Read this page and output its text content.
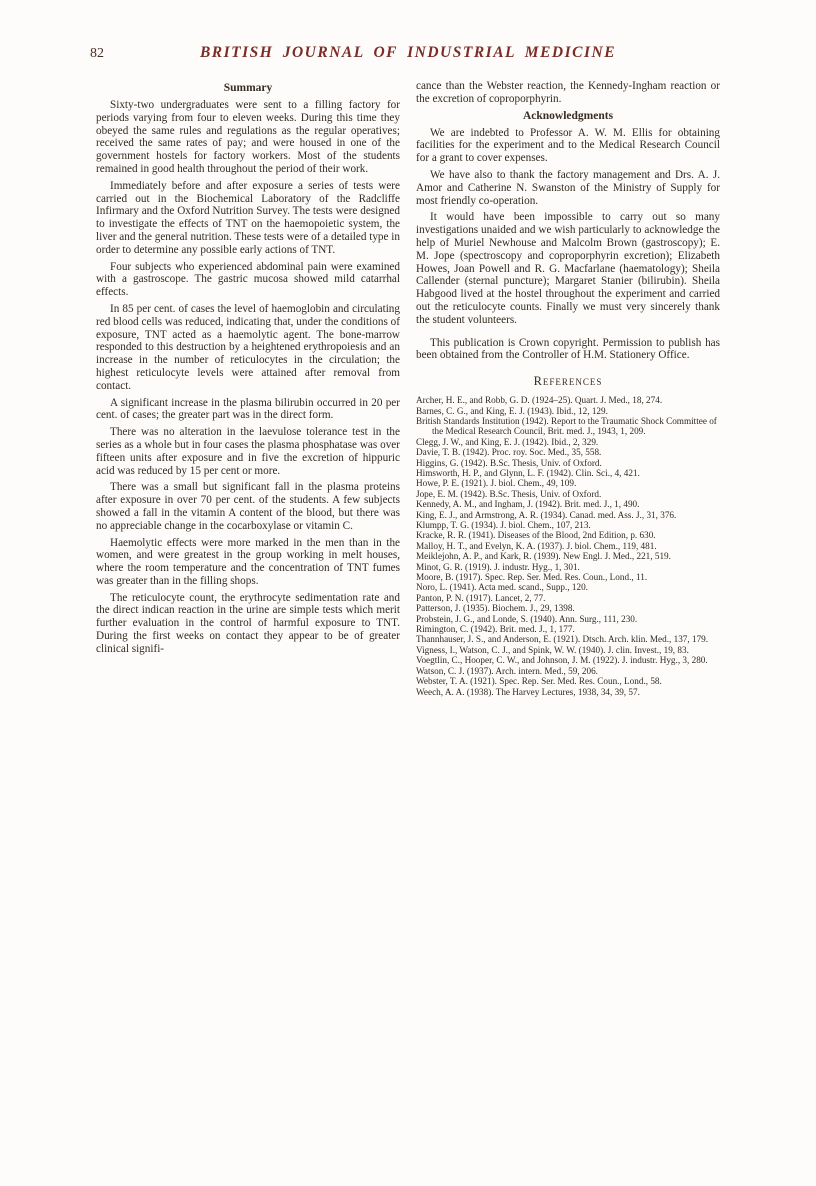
82	BRITISH JOURNAL OF INDUSTRIAL MEDICINE
Summary

Sixty-two undergraduates were sent to a filling factory for periods varying from four to eleven weeks. During this time they obeyed the same rules and regulations as the regular operatives; received the same rates of pay; and were housed in one of the government hostels for factory workers. Most of the students remained in good health throughout the period of their work.

Immediately before and after exposure a series of tests were carried out in the Biochemical Laboratory of the Radcliffe Infirmary and the Oxford Nutrition Survey. The tests were designed to investigate the effects of TNT on the haemopoietic system, the liver and the general nutrition. These tests were of a detailed type in order to determine any possible early actions of TNT.

Four subjects who experienced abdominal pain were examined with a gastroscope. The gastric mucosa showed mild catarrhal effects.

In 85 per cent. of cases the level of haemoglobin and circulating red blood cells was reduced, indicating that, under the conditions of exposure, TNT acted as a haemolytic agent. The bone-marrow responded to this destruction by a heightened erythropoiesis and an increase in the number of reticulocytes in the circulation; the highest reticulocyte levels were attained after removal from contact.

A significant increase in the plasma bilirubin occurred in 20 per cent. of cases; the greater part was in the direct form.

There was no alteration in the laevulose tolerance test in the series as a whole but in four cases the plasma phosphatase was over fifteen units after exposure and in five the excretion of hippuric acid was reduced by 15 per cent or more.

There was a small but significant fall in the plasma proteins after exposure in over 70 per cent. of the students. A few subjects showed a fall in the vitamin A content of the blood, but there was no appreciable change in the cocarboxylase or vitamin C.

Haemolytic effects were more marked in the men than in the women, and were greatest in the group working in melt houses, where the room temperature and the concentration of TNT fumes was greater than in the filling shops.

The reticulocyte count, the erythrocyte sedimentation rate and the direct indican reaction in the urine are simple tests which merit further evaluation in the control of harmful exposure to TNT. During the first weeks on contact they appear to be of greater clinical signifi-

cance than the Webster reaction, the Kennedy-Ingham reaction or the excretion of coproporphyrin.

Acknowledgments

We are indebted to Professor A. W. M. Ellis for obtaining facilities for the experiment and to the Medical Research Council for a grant to cover expenses.

We have also to thank the factory management and Drs. A. J. Amor and Catherine N. Swanston of the Ministry of Supply for most friendly co-operation.

It would have been impossible to carry out so many investigations unaided and we wish particularly to acknowledge the help of Muriel Newhouse and Malcolm Brown (gastroscopy); E. M. Jope (spectroscopy and coproporphyrin excretion); Elizabeth Howes, Joan Powell and R. G. Macfarlane (haematology); Sheila Callender (sternal puncture); Margaret Stanier (bilirubin). Sheila Habgood lived at the hostel throughout the experiment and carried out the reticulocyte counts. Finally we must very sincerely thank the student volunteers.

This publication is Crown copyright. Permission to publish has been obtained from the Controller of H.M. Stationery Office.

References

Archer, H. E., and Robb, G. D. (1924–25). Quart. J. Med., 18, 274.

Barnes, C. G., and King, E. J. (1943). Ibid., 12, 129.

British Standards Institution (1942). Report to the Traumatic Shock Committee of the Medical Research Council, Brit. med. J., 1943, 1, 209.

Clegg, J. W., and King, E. J. (1942). Ibid., 2, 329.

Davie, T. B. (1942). Proc. roy. Soc. Med., 35, 558.

Higgins, G. (1942). B.Sc. Thesis, Univ. of Oxford.

Himsworth, H. P., and Glynn, L. F. (1942). Clin. Sci., 4, 421.

Howe, P. E. (1921). J. biol. Chem., 49, 109.

Jope, E. M. (1942). B.Sc. Thesis, Univ. of Oxford.

Kennedy, A. M., and Ingham, J. (1942). Brit. med. J., 1, 490.

King, E. J., and Armstrong, A. R. (1934). Canad. med. Ass. J., 31, 376.

Klumpp, T. G. (1934). J. biol. Chem., 107, 213.

Kracke, R. R. (1941). Diseases of the Blood, 2nd Edition, p. 630.

Malloy, H. T., and Evelyn, K. A. (1937). J. biol. Chem., 119, 481.

Meiklejohn, A. P., and Kark, R. (1939). New Engl. J. Med., 221, 519.

Minot, G. R. (1919). J. industr. Hyg., 1, 301.

Moore, B. (1917). Spec. Rep. Ser. Med. Res. Coun., Lond., 11.

Noro, L. (1941). Acta med. scand., Supp., 120.

Panton, P. N. (1917). Lancet, 2, 77.

Patterson, J. (1935). Biochem. J., 29, 1398.

Probstein, J. G., and Londe, S. (1940). Ann. Surg., 111, 230.

Rimington, C. (1942). Brit. med. J., 1, 177.

Thannhauser, J. S., and Anderson, E. (1921). Dtsch. Arch. klin. Med., 137, 179.

Vigness, I., Watson, C. J., and Spink, W. W. (1940). J. clin. Invest., 19, 83.

Voegtlin, C., Hooper, C. W., and Johnson, J. M. (1922). J. industr. Hyg., 3, 280.

Watson, C. J. (1937). Arch. intern. Med., 59, 206.

Webster, T. A. (1921). Spec. Rep. Ser. Med. Res. Coun., Lond., 58.

Weech, A. A. (1938). The Harvey Lectures, 1938, 34, 39, 57.
